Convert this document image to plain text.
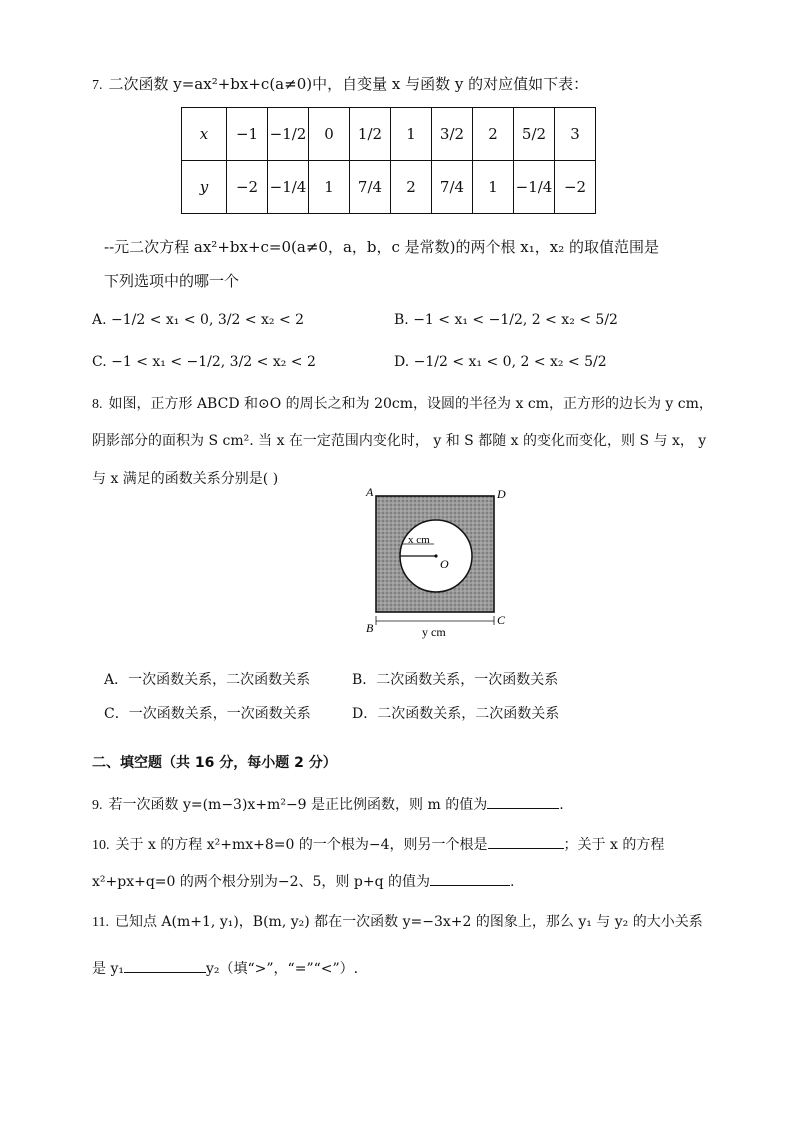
7. 二次函数 y=ax²+bx+c(a≠0)中，自变量 x 与函数 y 的对应值如下表：
x	−1	−1/2	0	1/2	1	3/2	2	5/2	3
y	−2	−1/4	1	7/4	2	7/4	1	−1/4	−2
--元二次方程 ax²+bx+c=0(a≠0，a，b，c 是常数)的两个根 x₁，x₂ 的取值范围是
下列选项中的哪一个
A. −1/2 < x₁ < 0, 3/2 < x₂ < 2	B. −1 < x₁ < −1/2, 2 < x₂ < 5/2
C. −1 < x₁ < −1/2, 3/2 < x₂ < 2	D. −1/2 < x₁ < 0, 2 < x₂ < 5/2
8. 如图，正方形 ABCD 和⊙O 的周长之和为 20cm，设圆的半径为 x cm，正方形的边长为 y cm，
阴影部分的面积为 S cm². 当 x 在一定范围内变化时， y 和 S 都随 x 的变化而变化，则 S 与 x， y
与 x 满足的函数关系分别是( )
A	D
B
C
O
x cm
y cm
A．一次函数关系，二次函数关系	B．二次函数关系，一次函数关系
C．一次函数关系，一次函数关系	D．二次函数关系，二次函数关系
二、填空题（共 16 分，每小题 2 分）
9. 若一次函数 y=(m−3)x+m²−9 是正比例函数，则 m 的值为	.
10. 关于 x 的方程 x²+mx+8=0 的一个根为−4，则另一个根是	；关于 x 的方程
x²+px+q=0 的两个根分别为−2、5，则 p+q 的值为	.
11. 已知点 A(m+1, y₁)，B(m, y₂) 都在一次函数 y=−3x+2 的图象上，那么 y₁ 与 y₂ 的大小关系
是 y₁	y₂（填“>”，“=”“<”）.
